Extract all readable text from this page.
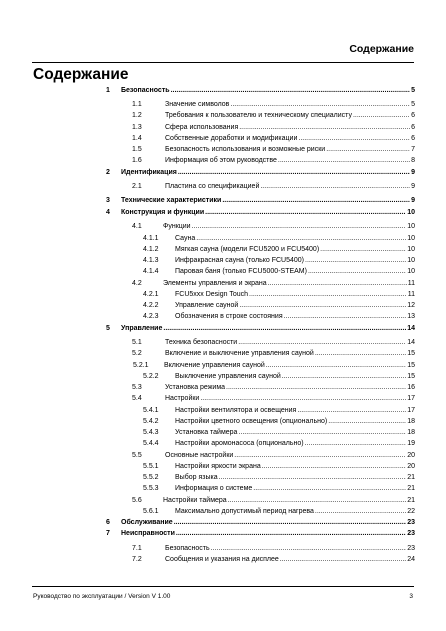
Содержание
Содержание
1 Безопасность .....	5
1.1	Значение символов .....	5
1.2	Требования к пользователю и техническому специалисту .....	6
1.3	Сфера использования .....	6
1.4	Собственные доработки и модификации .....	6
1.5	Безопасность использования и возможные риски .....	7
1.6	Информация об этом руководстве .....	8
2 Идентификация .....	9
2.1	Пластина со спецификацией .....	9
3 Технические характеристики .....	9
4 Конструкция и функции .....	10
4.1	Функции .....	10
4.1.1 Сауна .....	10
4.1.2 Мягкая сауна (модели FCU5200 и FCU5400) .....	10
4.1.3 Инфракрасная сауна (только FCU5400) .....	10
4.1.4 Паровая баня (только FCU5000-STEAM) .....	10
4.2	Элементы управления и экрана .....	11
4.2.1 FCU5xxx Design Touch .....	11
4.2.2 Управление сауной .....	12
4.2.3 Обозначения в строке состояния .....	13
5 Управление .....	14
5.1	Техника безопасности .....	14
5.2	Включение и выключение управления сауной .....	15
5.2.1 Включение управления сауной .....	15
5.2.2 Выключение управления сауной .....	15
5.3	Установка режима .....	16
5.4	Настройки .....	17
5.4.1 Настройки вентилятора и освещения .....	17
5.4.2 Настройки цветного освещения (опционально) .....	18
5.4.3 Установка таймера .....	18
5.4.4 Настройки аромонасоса (опционально) .....	19
5.5	Основные настройки .....	20
5.5.1 Настройки яркости экрана .....	20
5.5.2 Выбор языка .....	21
5.5.3 Информация о системе .....	21
5.6	Настройки таймера .....	21
5.6.1 Максимально допустимый период нагрева .....	22
6 Обслуживание .....	23
7 Неисправности .....	23
7.1	Безопасность .....	23
7.2	Сообщения и указания на дисплее .....	24
Руководство по эксплуатации / Version V 1.00	3
